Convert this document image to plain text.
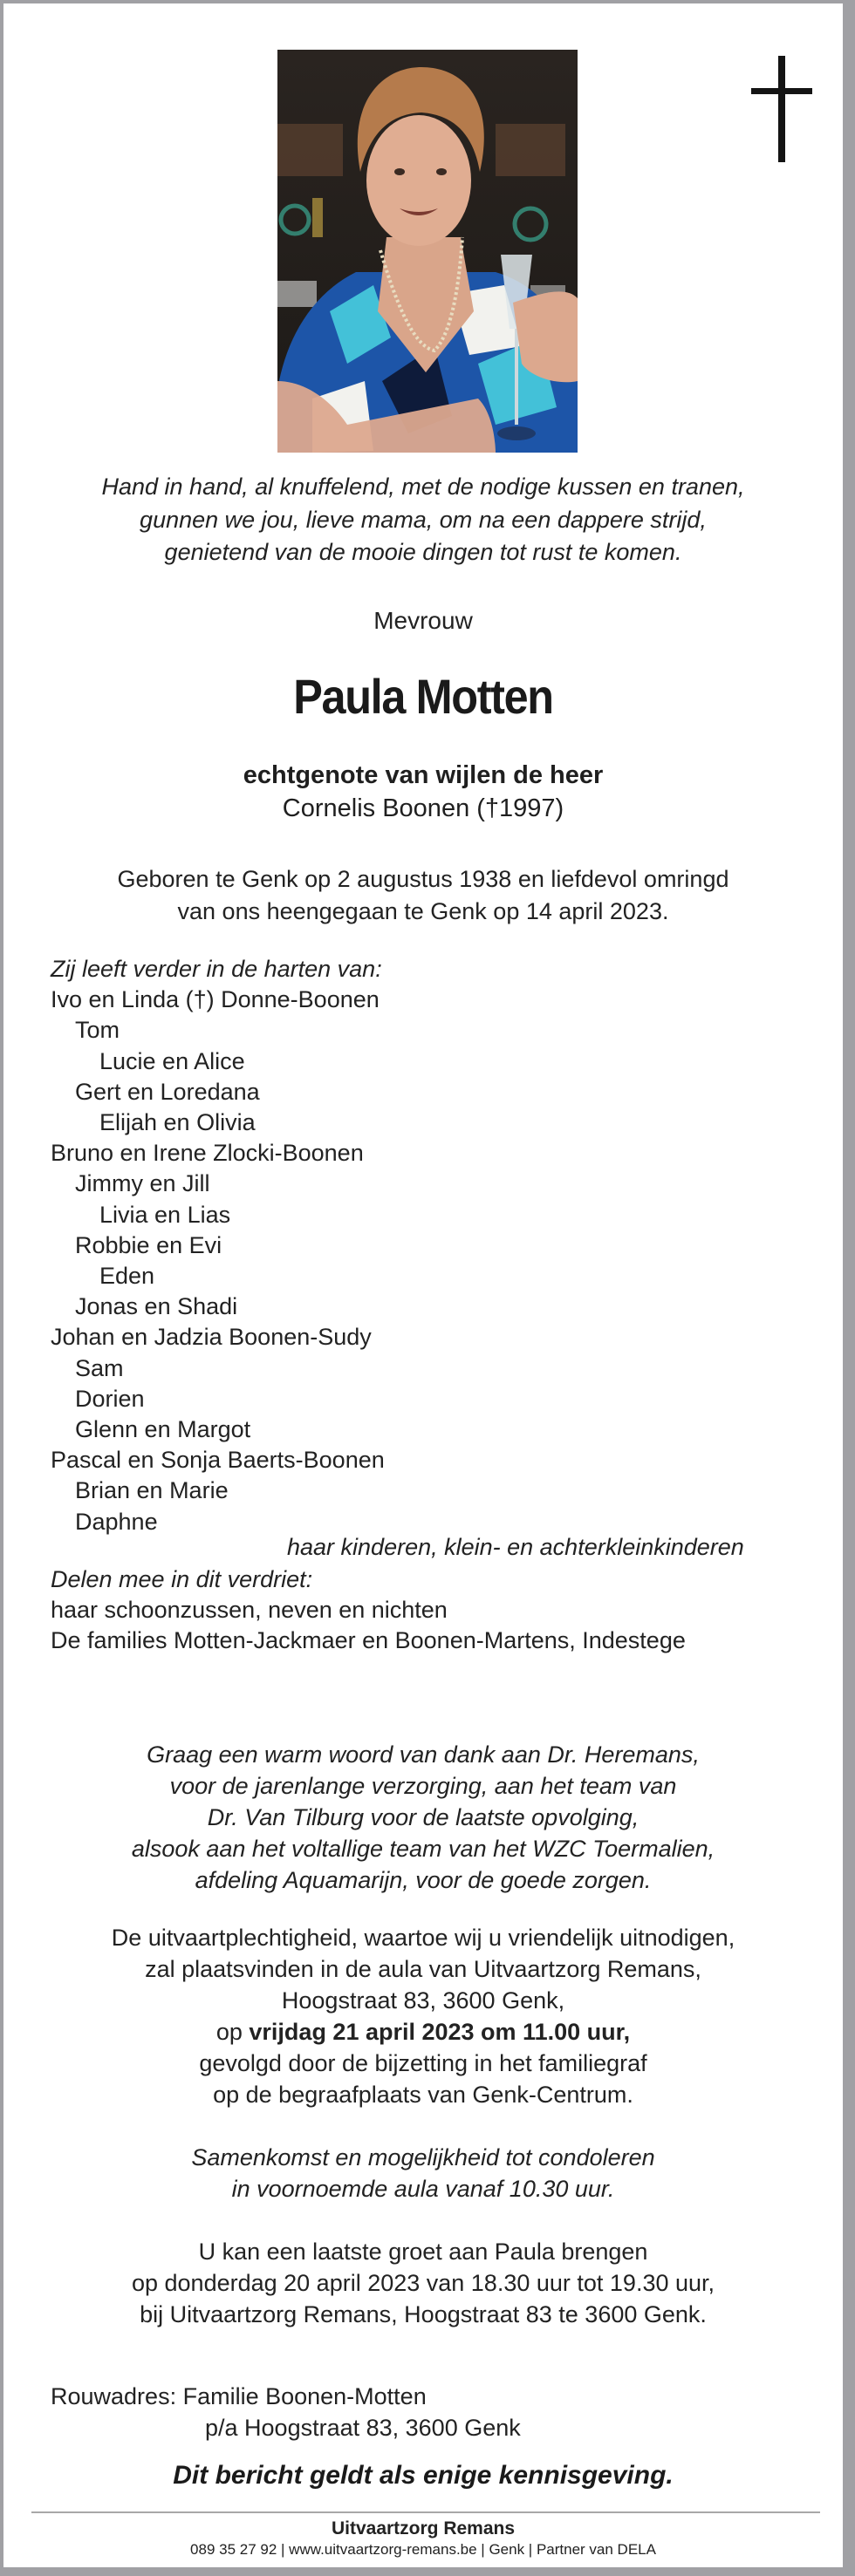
Hand in hand, al knuffelend, met de nodige kussen en tranen,
gunnen we jou, lieve mama, om na een dappere strijd,
genietend van de mooie dingen tot rust te komen.
Mevrouw
Paula Motten
echtgenote van wijlen de heer
Cornelis Boonen (†1997)
Geboren te Genk op 2 augustus 1938 en liefdevol omringd
van ons heengegaan te Genk op 14 april 2023.
Zij leeft verder in de harten van:
Ivo en Linda (†) Donne-Boonen
Tom
Lucie en Alice
Gert en Loredana
Elijah en Olivia
Bruno en Irene Zlocki-Boonen
Jimmy en Jill
Livia en Lias
Robbie en Evi
Eden
Jonas en Shadi
Johan en Jadzia Boonen-Sudy
Sam
Dorien
Glenn en Margot
Pascal en Sonja Baerts-Boonen
Brian en Marie
Daphne
haar kinderen, klein- en achterkleinkinderen
Delen mee in dit verdriet:
haar schoonzussen, neven en nichten
De families Motten-Jackmaer en Boonen-Martens, Indestege
Graag een warm woord van dank aan Dr. Heremans,
voor de jarenlange verzorging, aan het team van
Dr. Van Tilburg voor de laatste opvolging,
alsook aan het voltallige team van het WZC Toermalien,
afdeling Aquamarijn, voor de goede zorgen.
De uitvaartplechtigheid, waartoe wij u vriendelijk uitnodigen,
zal plaatsvinden in de aula van Uitvaartzorg Remans,
Hoogstraat 83, 3600 Genk,
op vrijdag 21 april 2023 om 11.00 uur,
gevolgd door de bijzetting in het familiegraf
op de begraafplaats van Genk-Centrum.
Samenkomst en mogelijkheid tot condoleren
in voornoemde aula vanaf 10.30 uur.
U kan een laatste groet aan Paula brengen
op donderdag 20 april 2023 van 18.30 uur tot 19.30 uur,
bij Uitvaartzorg Remans, Hoogstraat 83 te 3600 Genk.
Rouwadres: Familie Boonen-Motten
p/a Hoogstraat 83, 3600 Genk
Dit bericht geldt als enige kennisgeving.
Uitvaartzorg Remans
089 35 27 92 | www.uitvaartzorg-remans.be | Genk | Partner van DELA
